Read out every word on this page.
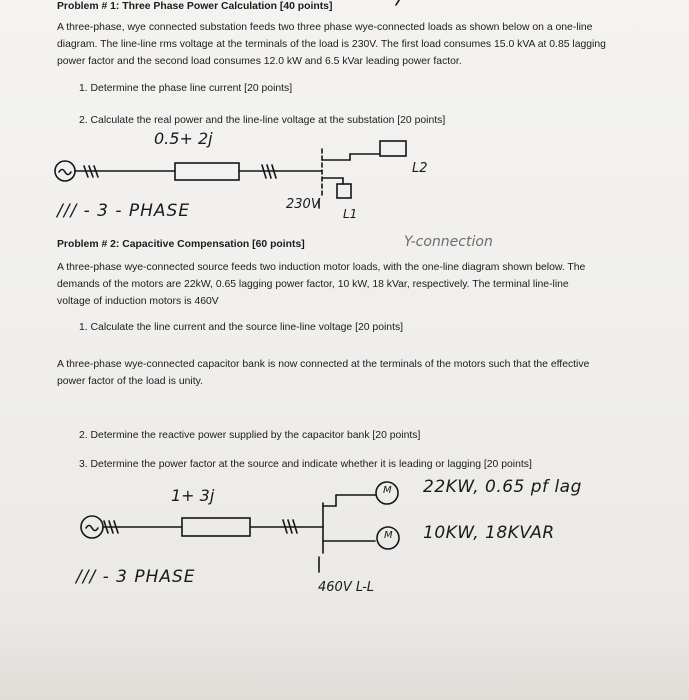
Problem # 1: Three Phase Power Calculation [40 points]
A three-phase, wye connected substation feeds two three phase wye-connected loads as shown below on a one-line
diagram. The line-line rms voltage at the terminals of the load is 230V. The first load consumes 15.0 kVA at 0.85 lagging
power factor and the second load consumes 12.0 kW and 6.5 kVar leading power factor.
1. Determine the phase line current [20 points]
2. Calculate the real power and the line-line voltage at the substation [20 points]
0.5+ 2j
/// - 3 - PHASE	230V
L1
L2
Y-connection
Problem # 2: Capacitive Compensation [60 points]
A three-phase wye-connected source feeds two induction motor loads, with the one-line diagram shown below. The
demands of the motors are 22kW, 0.65 lagging power factor, 10 kW, 18 kVar, respectively. The terminal line-line
voltage of induction motors is 460V
1. Calculate the line current and the source line-line voltage [20 points]
A three-phase wye-connected capacitor bank is now connected at the terminals of the motors such that the effective
power factor of the load is unity.
2. Determine the reactive power supplied by the capacitor bank [20 points]
3. Determine the power factor at the source and indicate whether it is leading or lagging [20 points]
1+ 3j	M
M
22KW, 0.65 pf lag
10KW, 18KVAR
/// - 3 PHASE
460V L-L
